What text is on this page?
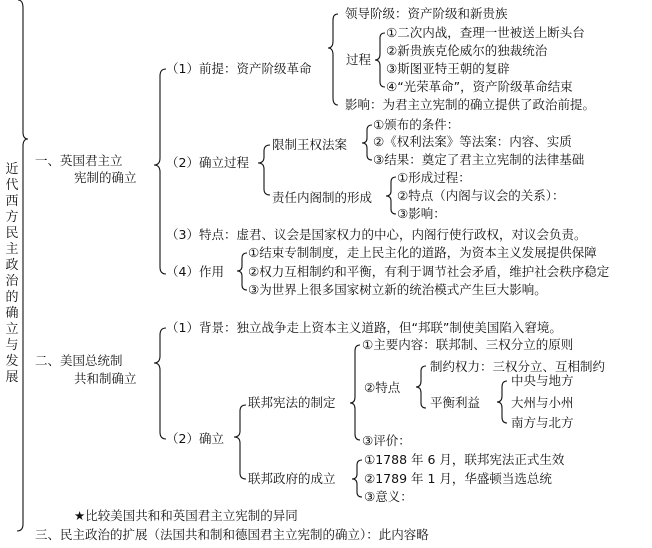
近
代
西
方
民
主
政
治
的
确
立
与
发
展
一、英国君主立
宪制的确立
（1）前提：资产阶级革命
领导阶级：资产阶级和新贵族
过程
①二次内战，查理一世被送上断头台
②新贵族克伦威尔的独裁统治
③斯图亚特王朝的复辟
④“光荣革命”，资产阶级革命结束
影响：为君主立宪制的确立提供了政治前提。
（2）确立过程
限制王权法案
①颁布的条件：
②《权利法案》等法案：内容、实质
③结果：奠定了君主立宪制的法律基础
责任内阁制的形成
①形成过程：
②特点（内阁与议会的关系）：
③影响：
（3）特点：虚君、议会是国家权力的中心，内阁行使行政权，对议会负责。
（4）作用
①结束专制制度，走上民主化的道路，为资本主义发展提供保障
②权力互相制约和平衡，有利于调节社会矛盾，维护社会秩序稳定
③为世界上很多国家树立新的统治模式产生巨大影响。
二、美国总统制
共和制确立
（1）背景：独立战争走上资本主义道路，但“邦联”制使美国陷入窘境。
（2）确立
联邦宪法的制定
①主要内容：联邦制、三权分立的原则
②特点
制约权力：三权分立、互相制约
平衡利益
中央与地方
大州与小州
南方与北方
③评价：
联邦政府的成立
①1788 年 6 月，联邦宪法正式生效
②1789 年 1 月，华盛顿当选总统
③意义：
★比较美国共和和英国君主立宪制的异同
三、民主政治的扩展（法国共和制和德国君主立宪制的确立）：此内容略
